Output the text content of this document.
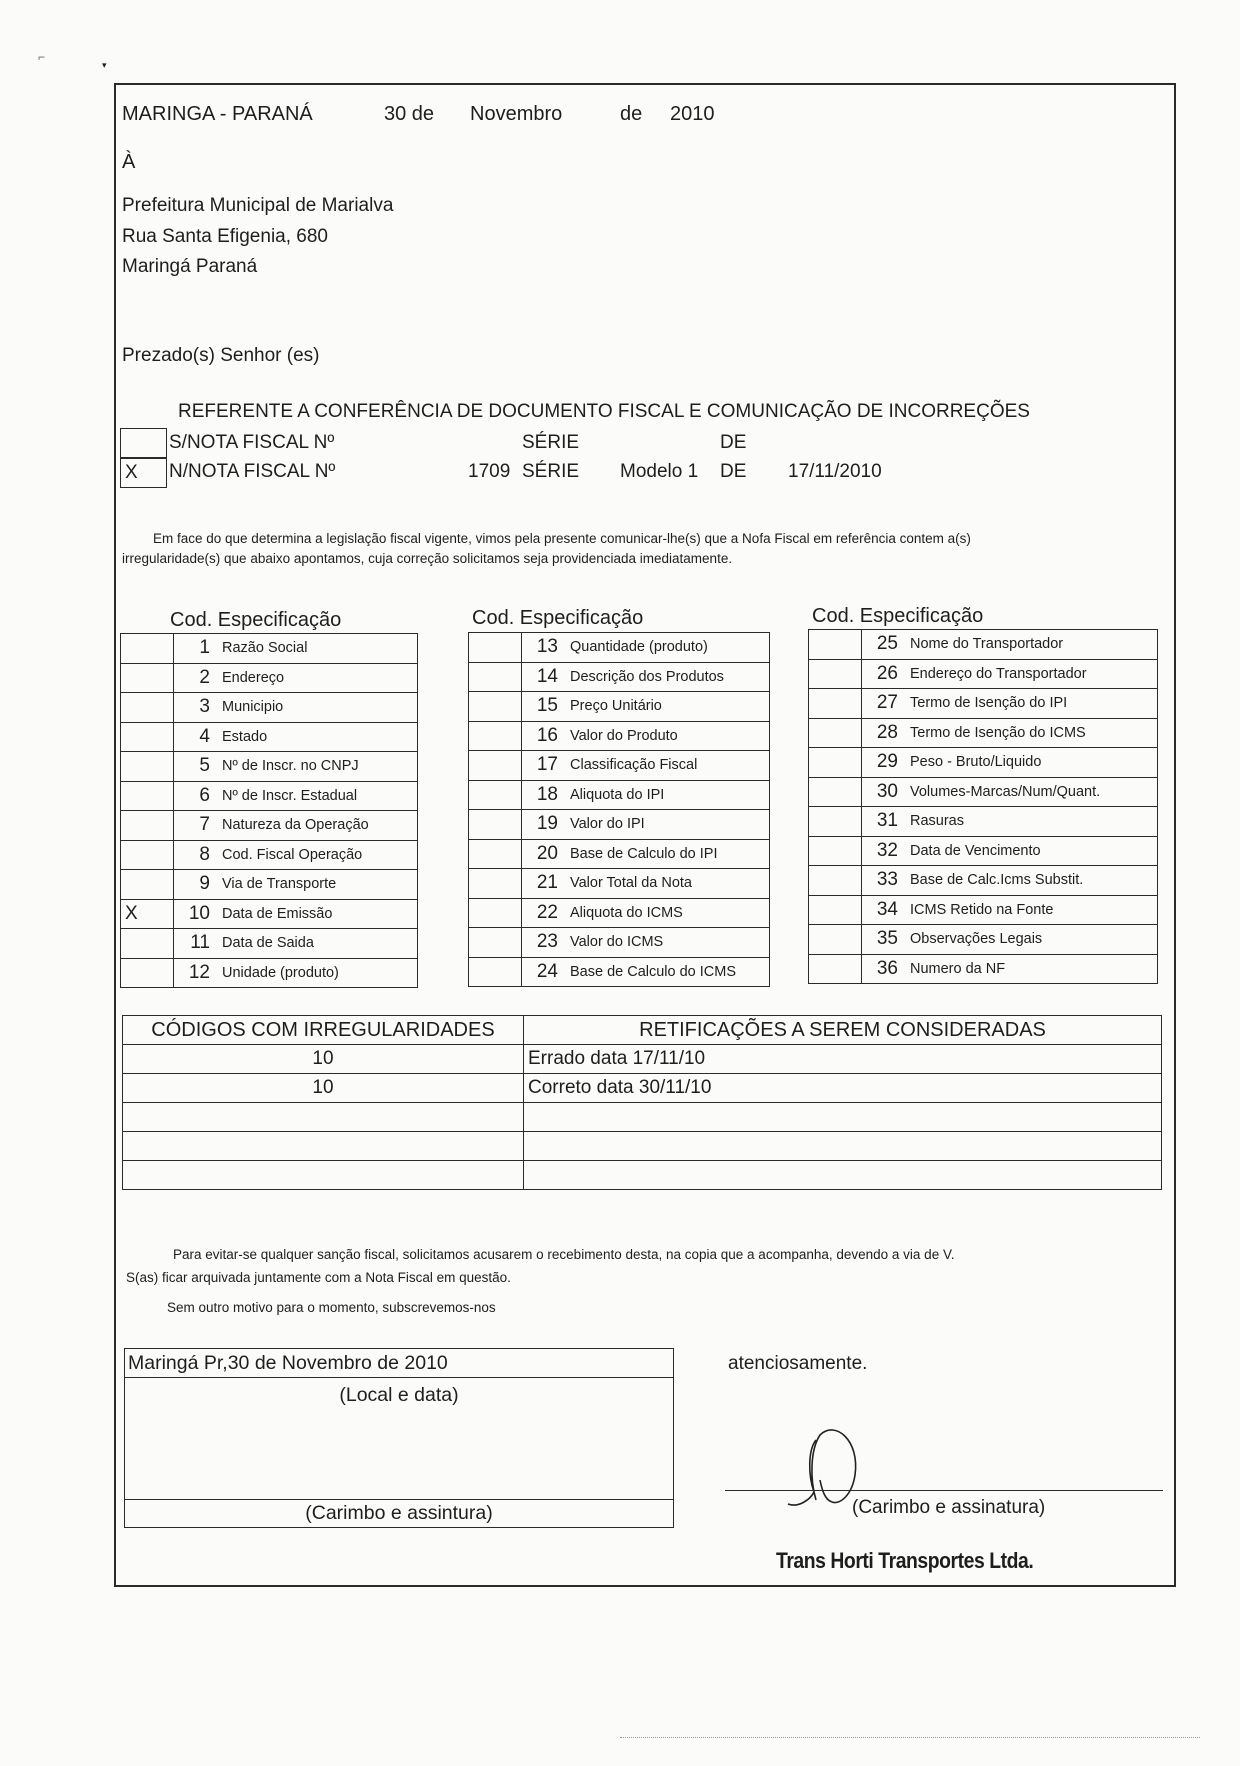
⌐
▾
MARINGA - PARANÁ	30 de Novembro	de 2010
À
Prefeitura Municipal de Marialva
Rua Santa Efigenia, 680
Maringá Paraná
Prezado(s) Senhor (es)
REFERENTE A CONFERÊNCIA DE DOCUMENTO FISCAL E COMUNICAÇÃO DE INCORREÇÕES
S/NOTA FISCAL Nº	SÉRIE	DE
X	N/NOTA FISCAL Nº	1709 SÉRIE Modelo 1 DE 17/11/2010
Em face do que determina a legislação fiscal vigente, vimos pela presente comunicar-lhe(s) que a Nofa Fiscal em referência contem a(s)
irregularidade(s) que abaixo apontamos, cuja correção solicitamos seja providenciada imediatamente.
Cod. Especificação
	1	Razão Social
	2	Endereço
	3	Municipio
	4	Estado
	5	Nº de Inscr. no CNPJ
	6	Nº de Inscr. Estadual
	7	Natureza da Operação
	8	Cod. Fiscal Operação
	9	Via de Transporte
X	10	Data de Emissão
	11	Data de Saida
	12	Unidade (produto)
Cod. Especificação
	13	Quantidade (produto)
	14	Descrição dos Produtos
	15	Preço Unitário
	16	Valor do Produto
	17	Classificação Fiscal
	18	Aliquota do IPI
	19	Valor do IPI
	20	Base de Calculo do IPI
	21	Valor Total da Nota
	22	Aliquota do ICMS
	23	Valor do ICMS
	24	Base de Calculo do ICMS
Cod. Especificação
	25	Nome do Transportador
	26	Endereço do Transportador
	27	Termo de Isenção do IPI
	28	Termo de Isenção do ICMS
	29	Peso - Bruto/Liquido
	30	Volumes-Marcas/Num/Quant.
	31	Rasuras
	32	Data de Vencimento
	33	Base de Calc.Icms Substit.
	34	ICMS Retido na Fonte
	35	Observações Legais
	36	Numero da NF
CÓDIGOS COM IRREGULARIDADES	RETIFICAÇÕES A SEREM CONSIDERADAS
10	Errado data 17/11/10
10	Correto data 30/11/10

Para evitar-se qualquer sanção fiscal, solicitamos acusarem o recebimento desta, na copia que a acompanha, devendo a via de V.
S(as) ficar arquivada juntamente com a Nota Fiscal em questão.
Sem outro motivo para o momento, subscrevemos-nos
Maringá Pr,30 de Novembro de 2010
(Local e data)
(Carimbo e assintura)
atenciosamente.
(Carimbo e assinatura)
Trans Horti Transportes Ltda.
